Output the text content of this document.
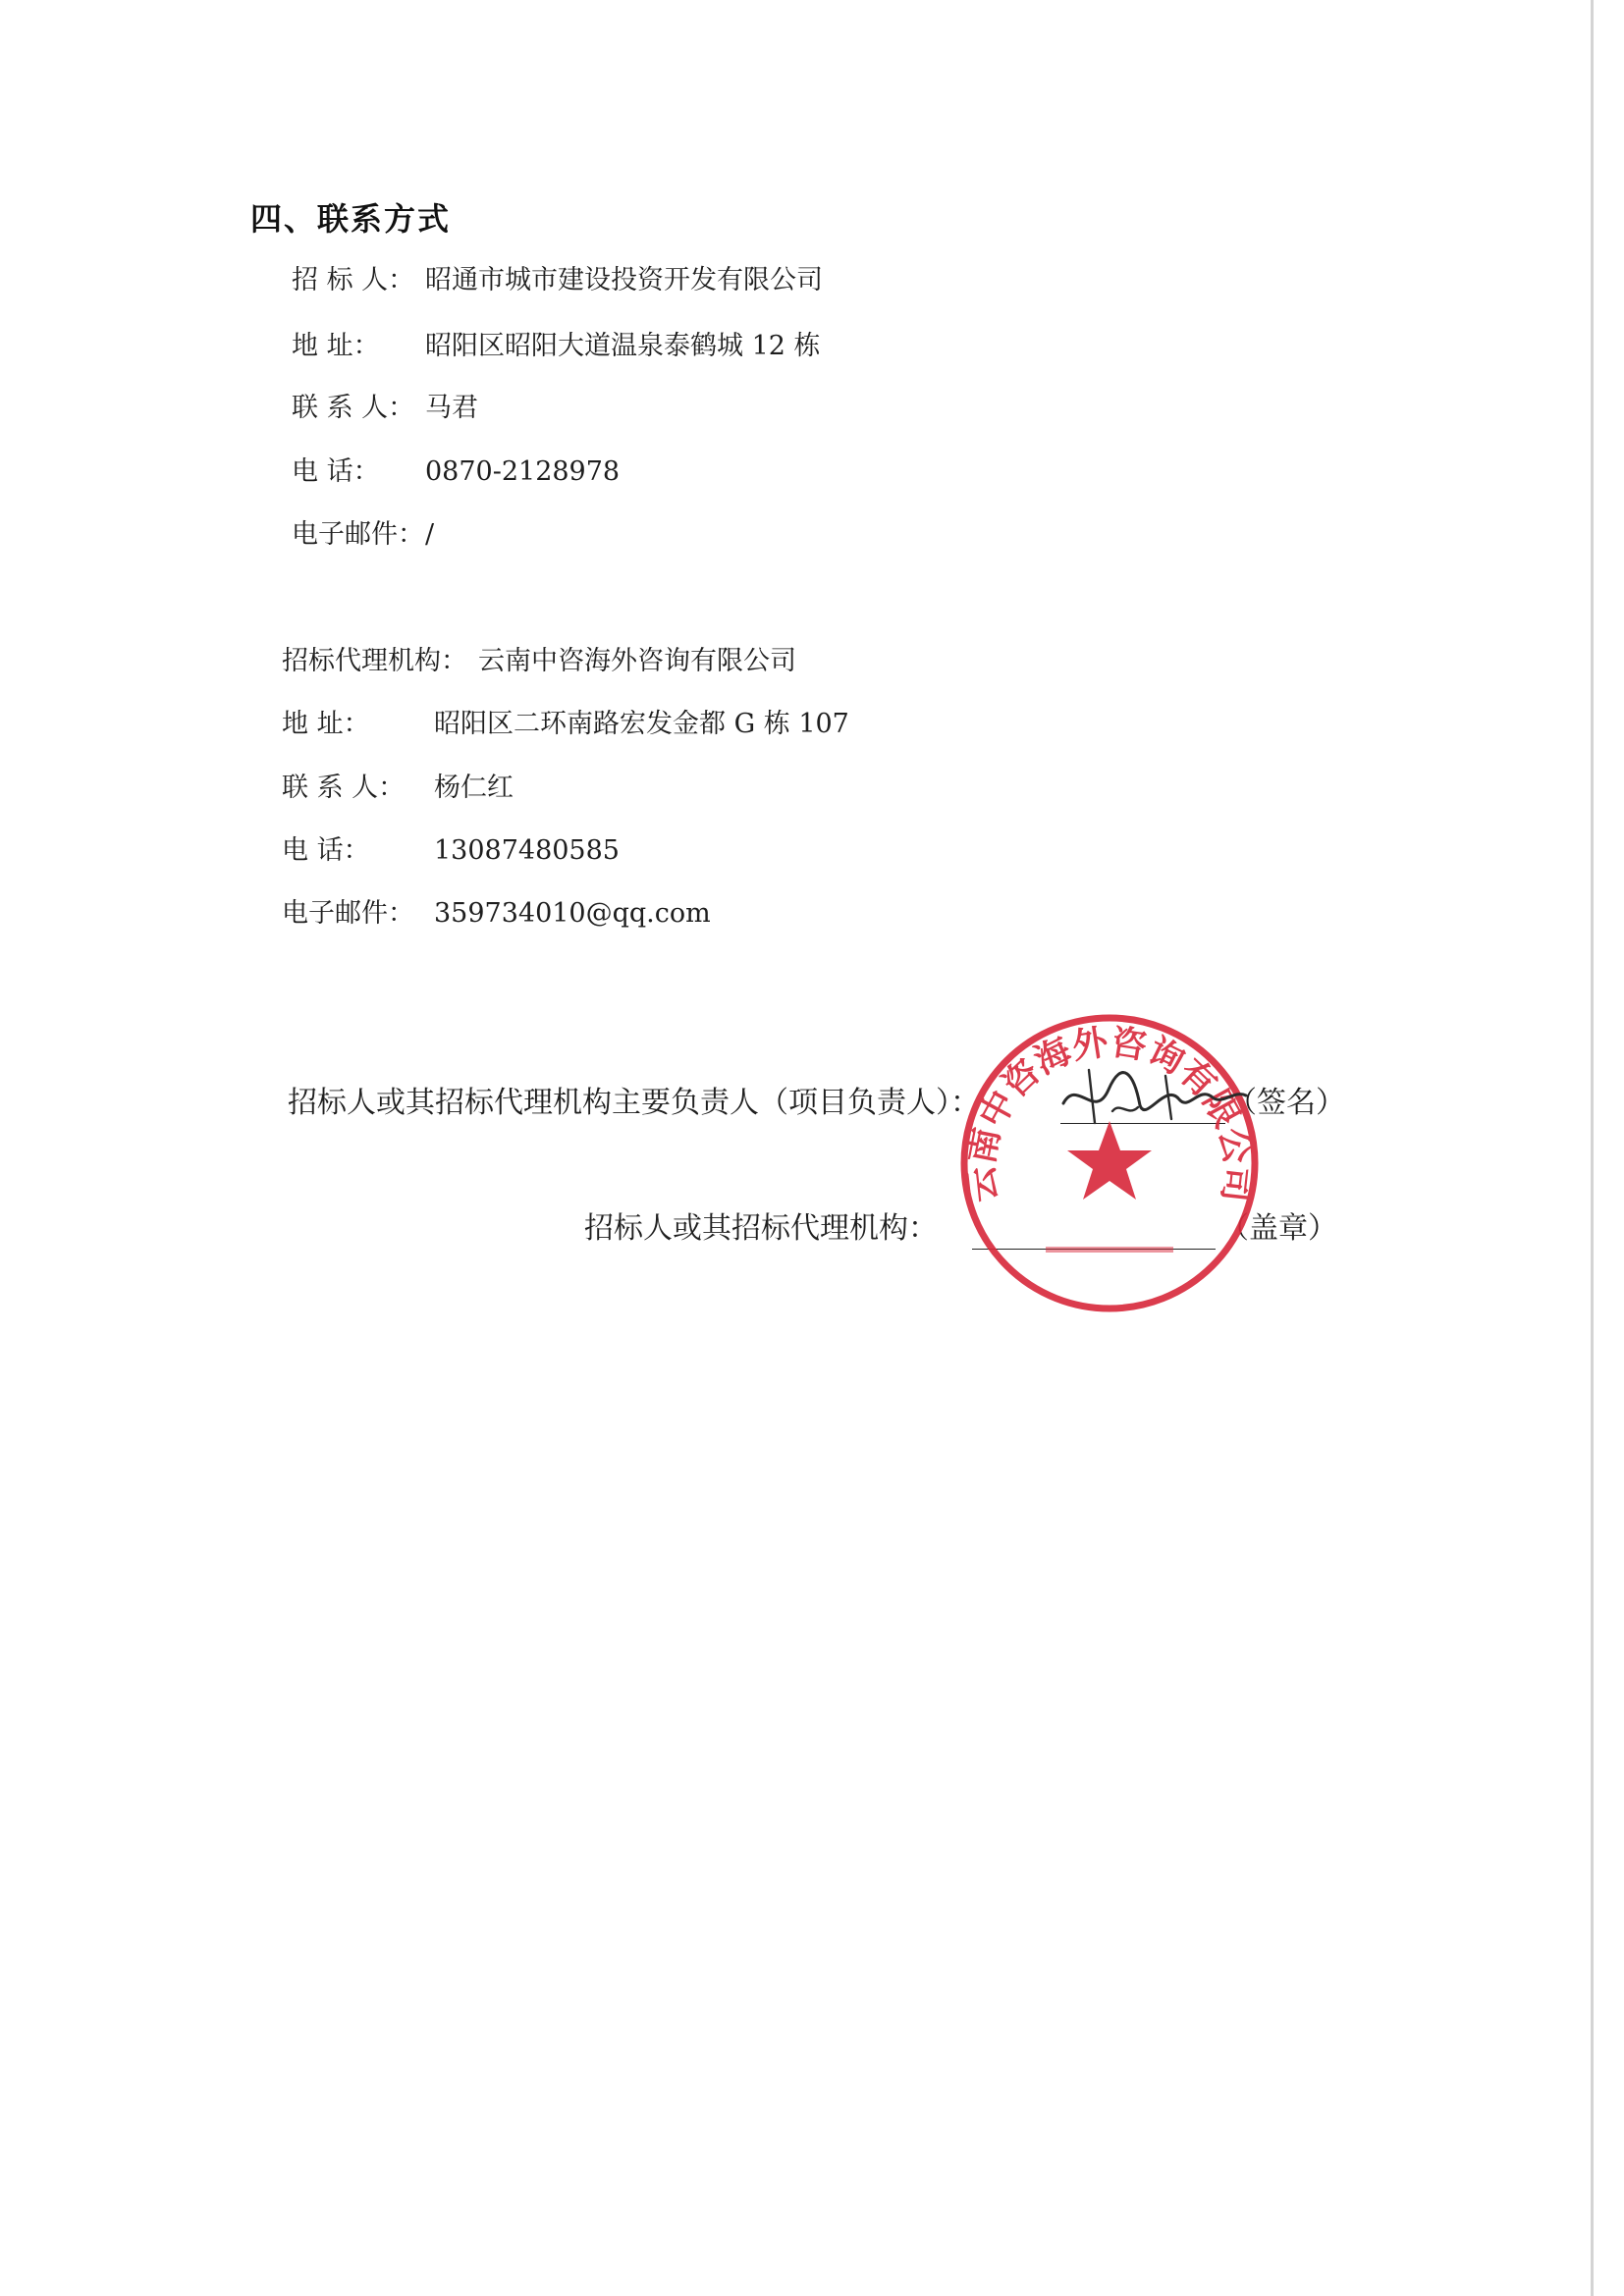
四、联系方式
招 标 人： 昭通市城市建设投资开发有限公司
地 址： 昭阳区昭阳大道温泉泰鹤城 12 栋
联 系 人： 马君
电 话： 0870-2128978
电子邮件： /
招标代理机构： 云南中咨海外咨询有限公司
地 址： 昭阳区二环南路宏发金都 G 栋 107
联 系 人： 杨仁红
电 话： 13087480585
电子邮件： 359734010@qq.com
招标人或其招标代理机构主要负责人（项目负责人）：	（签名）
招标人或其招标代理机构：	（盖章）
云南中咨海外咨询有限公司
